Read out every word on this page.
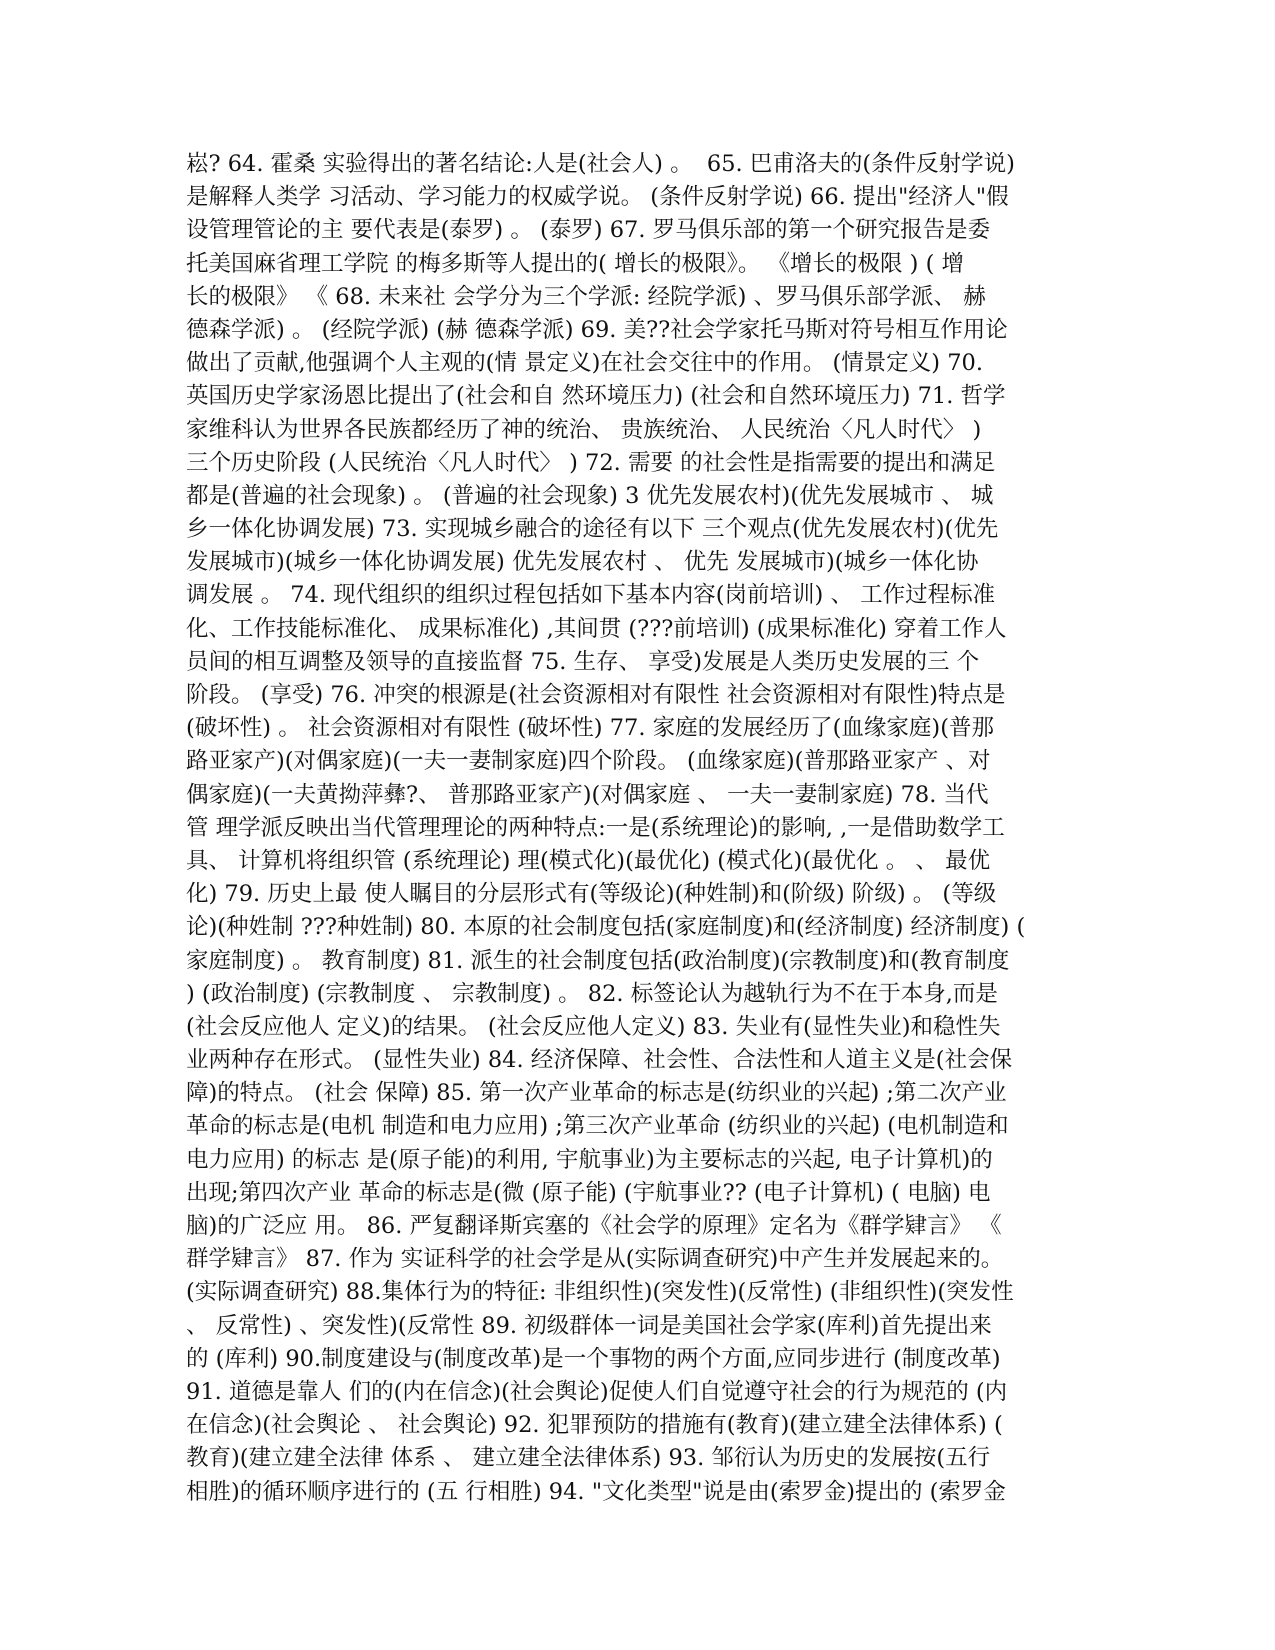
崧? 64. 霍桑 实验得出的著名结论:人是(社会人) 。  65. 巴甫洛夫的(条件反射学说)
是解释人类学 习活动、学习能力的权威学说。 (条件反射学说) 66. 提出"经济人"假
设管理管论的主 要代表是(泰罗) 。 (泰罗) 67. 罗马俱乐部的第一个研究报告是委
托美国麻省理工学院 的梅多斯等人提出的( 增长的极限》。 《增长的极限 ) ( 增
长的极限》 《 68. 未来社 会学分为三个学派: 经院学派) 、罗马俱乐部学派、 赫
德森学派) 。 (经院学派) (赫 德森学派) 69. 美??社会学家托马斯对符号相互作用论
做出了贡献,他强调个人主观的(情 景定义)在社会交往中的作用。 (情景定义) 70.
英国历史学家汤恩比提出了(社会和自 然环境压力) (社会和自然环境压力) 71. 哲学
家维科认为世界各民族都经历了神的统治、 贵族统治、 人民统治〈凡人时代〉 )
三个历史阶段 (人民统治〈凡人时代〉 ) 72. 需要 的社会性是指需要的提出和满足
都是(普遍的社会现象) 。 (普遍的社会现象) 3 优先发展农村)(优先发展城市 、 城
乡一体化协调发展) 73. 实现城乡融合的途径有以下 三个观点(优先发展农村)(优先
发展城市)(城乡一体化协调发展) 优先发展农村 、 优先 发展城市)(城乡一体化协
调发展 。 74. 现代组织的组织过程包括如下基本内容(岗前培训) 、 工作过程标准
化、工作技能标准化、 成果标准化) ,其间贯 (???前培训) (成果标准化) 穿着工作人
员间的相互调整及领导的直接监督 75. 生存、 享受)发展是人类历史发展的三 个
阶段。 (享受) 76. 冲突的根源是(社会资源相对有限性 社会资源相对有限性)特点是
(破坏性) 。 社会资源相对有限性 (破坏性) 77. 家庭的发展经历了(血缘家庭)(普那
路亚家产)(对偶家庭)(一夫一妻制家庭)四个阶段。 (血缘家庭)(普那路亚家产 、对
偶家庭)(一夫黄拗萍彝?、 普那路亚家产)(对偶家庭 、 一夫一妻制家庭) 78. 当代
管 理学派反映出当代管理理论的两种特点:一是(系统理论)的影响, ,一是借助数学工
具、 计算机将组织管 (系统理论) 理(模式化)(最优化) (模式化)(最优化 。 、 最优
化) 79. 历史上最 使人瞩目的分层形式有(等级论)(种姓制)和(阶级) 阶级) 。 (等级
论)(种姓制 ???种姓制) 80. 本原的社会制度包括(家庭制度)和(经济制度) 经济制度) (
家庭制度) 。 教育制度) 81. 派生的社会制度包括(政治制度)(宗教制度)和(教育制度
) (政治制度) (宗教制度 、 宗教制度) 。 82. 标签论认为越轨行为不在于本身,而是
(社会反应他人 定义)的结果。 (社会反应他人定义) 83. 失业有(显性失业)和稳性失
业两种存在形式。 (显性失业) 84. 经济保障、社会性、合法性和人道主义是(社会保
障)的特点。 (社会 保障) 85. 第一次产业革命的标志是(纺织业的兴起) ;第二次产业
革命的标志是(电机 制造和电力应用) ;第三次产业革命 (纺织业的兴起) (电机制造和
电力应用) 的标志 是(原子能)的利用, 宇航事业)为主要标志的兴起, 电子计算机)的
出现;第四次产业 革命的标志是(微 (原子能) (宇航事业?? (电子计算机) ( 电脑) 电
脑)的广泛应 用。 86. 严复翻译斯宾塞的《社会学的原理》定名为《群学肄言》 《
群学肄言》 87. 作为 实证科学的社会学是从(实际调查研究)中产生并发展起来的。
(实际调查研究) 88.集体行为的特征: 非组织性)(突发性)(反常性) (非组织性)(突发性
、 反常性) 、突发性)(反常性 89. 初级群体一词是美国社会学家(库利)首先提出来
的 (库利) 90.制度建设与(制度改革)是一个事物的两个方面,应同步进行 (制度改革)
91. 道德是靠人 们的(内在信念)(社会舆论)促使人们自觉遵守社会的行为规范的 (内
在信念)(社会舆论 、 社会舆论) 92. 犯罪预防的措施有(教育)(建立建全法律体系) (
教育)(建立建全法律 体系 、 建立建全法律体系) 93. 邹衍认为历史的发展按(五行
相胜)的循环顺序进行的 (五 行相胜) 94. "文化类型"说是由(索罗金)提出的 (索罗金
